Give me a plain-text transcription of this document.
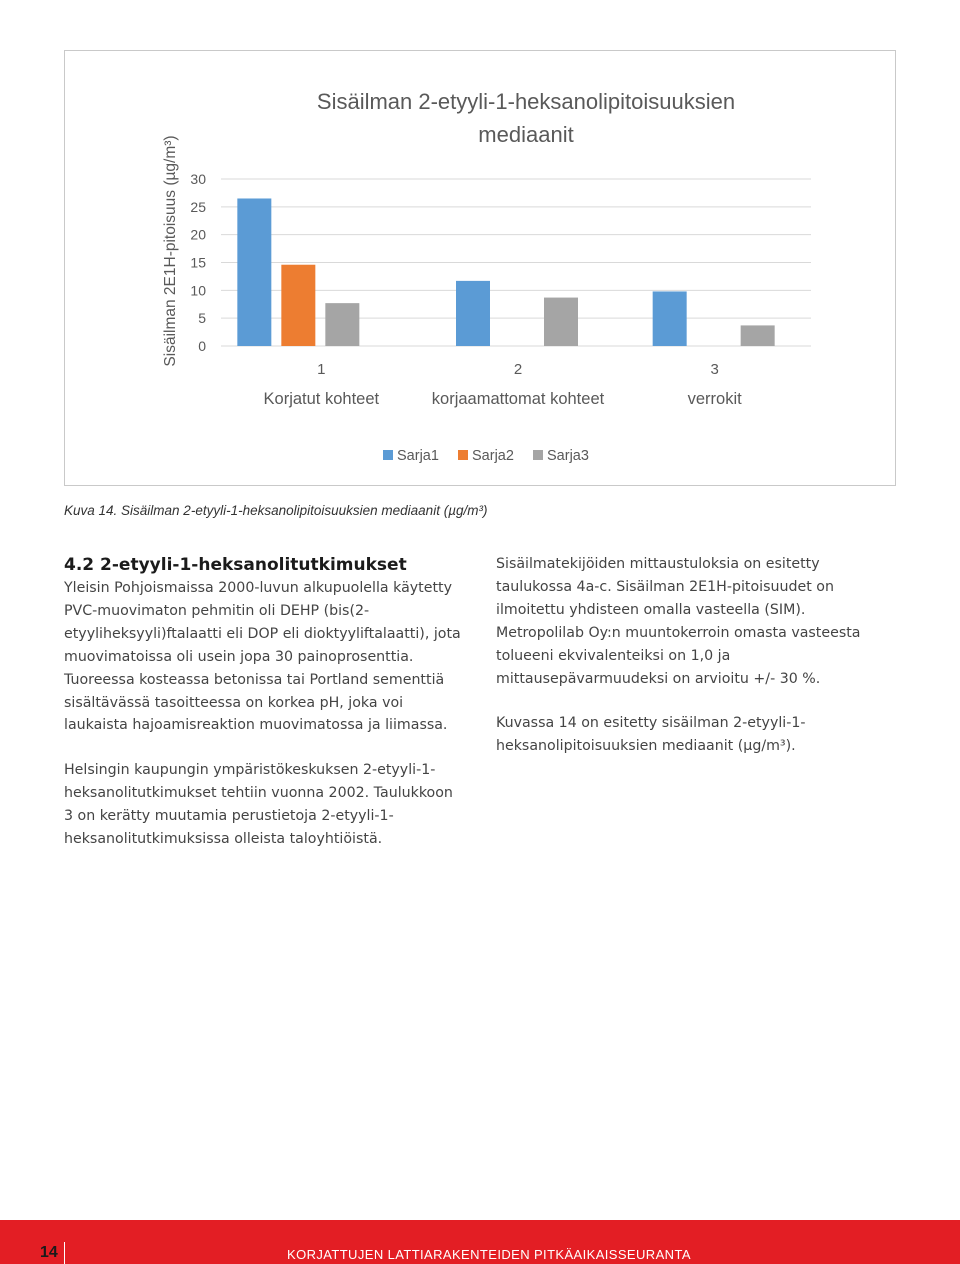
Sisäilman 2-etyyli-1-heksanolipitoisuuksien
mediaanit
Sisäilman 2E1H-pitoisuus (µg/m³) 0
5
10
15
20
25
30
1
Korjatut kohteet
2
korjaamattomat kohteet
3
verrokit
Sarja1 Sarja2 Sarja3
Kuva 14. Sisäilman 2-etyyli-1-heksanolipitoisuuksien mediaanit (µg/m³)
4.2 2-etyyli-1-heksanolitutkimukset

Yleisin Pohjoismaissa 2000-luvun alkupuolella käytetty PVC-muovimaton pehmitin oli DEHP (bis(2-etyyliheksyyli)ftalaatti eli DOP eli dioktyyliftalaatti), jota muovimatoissa oli usein jopa 30 painoprosenttia. Tuoreessa kosteassa betonissa tai Portland sementtiä sisältävässä tasoitteessa on korkea pH, joka voi laukaista hajoamisreaktion muovimatossa ja liimassa.

Helsingin kaupungin ympäristökeskuksen 2-etyyli-1-heksanolitutkimukset tehtiin vuonna 2002. Taulukkoon 3 on kerätty muutamia perustietoja 2-etyyli-1-heksanolitutkimuksissa olleista taloyhtiöistä.

Sisäilmatekijöiden mittaustuloksia on esitetty taulukossa 4a-c. Sisäilman 2E1H-pitoisuudet on ilmoitettu yhdisteen omalla vasteella (SIM). Metropolilab Oy:n muuntokerroin omasta vasteesta tolueeni ekvivalenteiksi on 1,0 ja mittausepävarmuudeksi on arvioitu +/- 30 %.

Kuvassa 14 on esitetty sisäilman 2-etyyli-1-heksanolipitoisuuksien mediaanit (µg/m³).

14	KORJATTUJEN LATTIARAKENTEIDEN PITKÄAIKAISSEURANTA
